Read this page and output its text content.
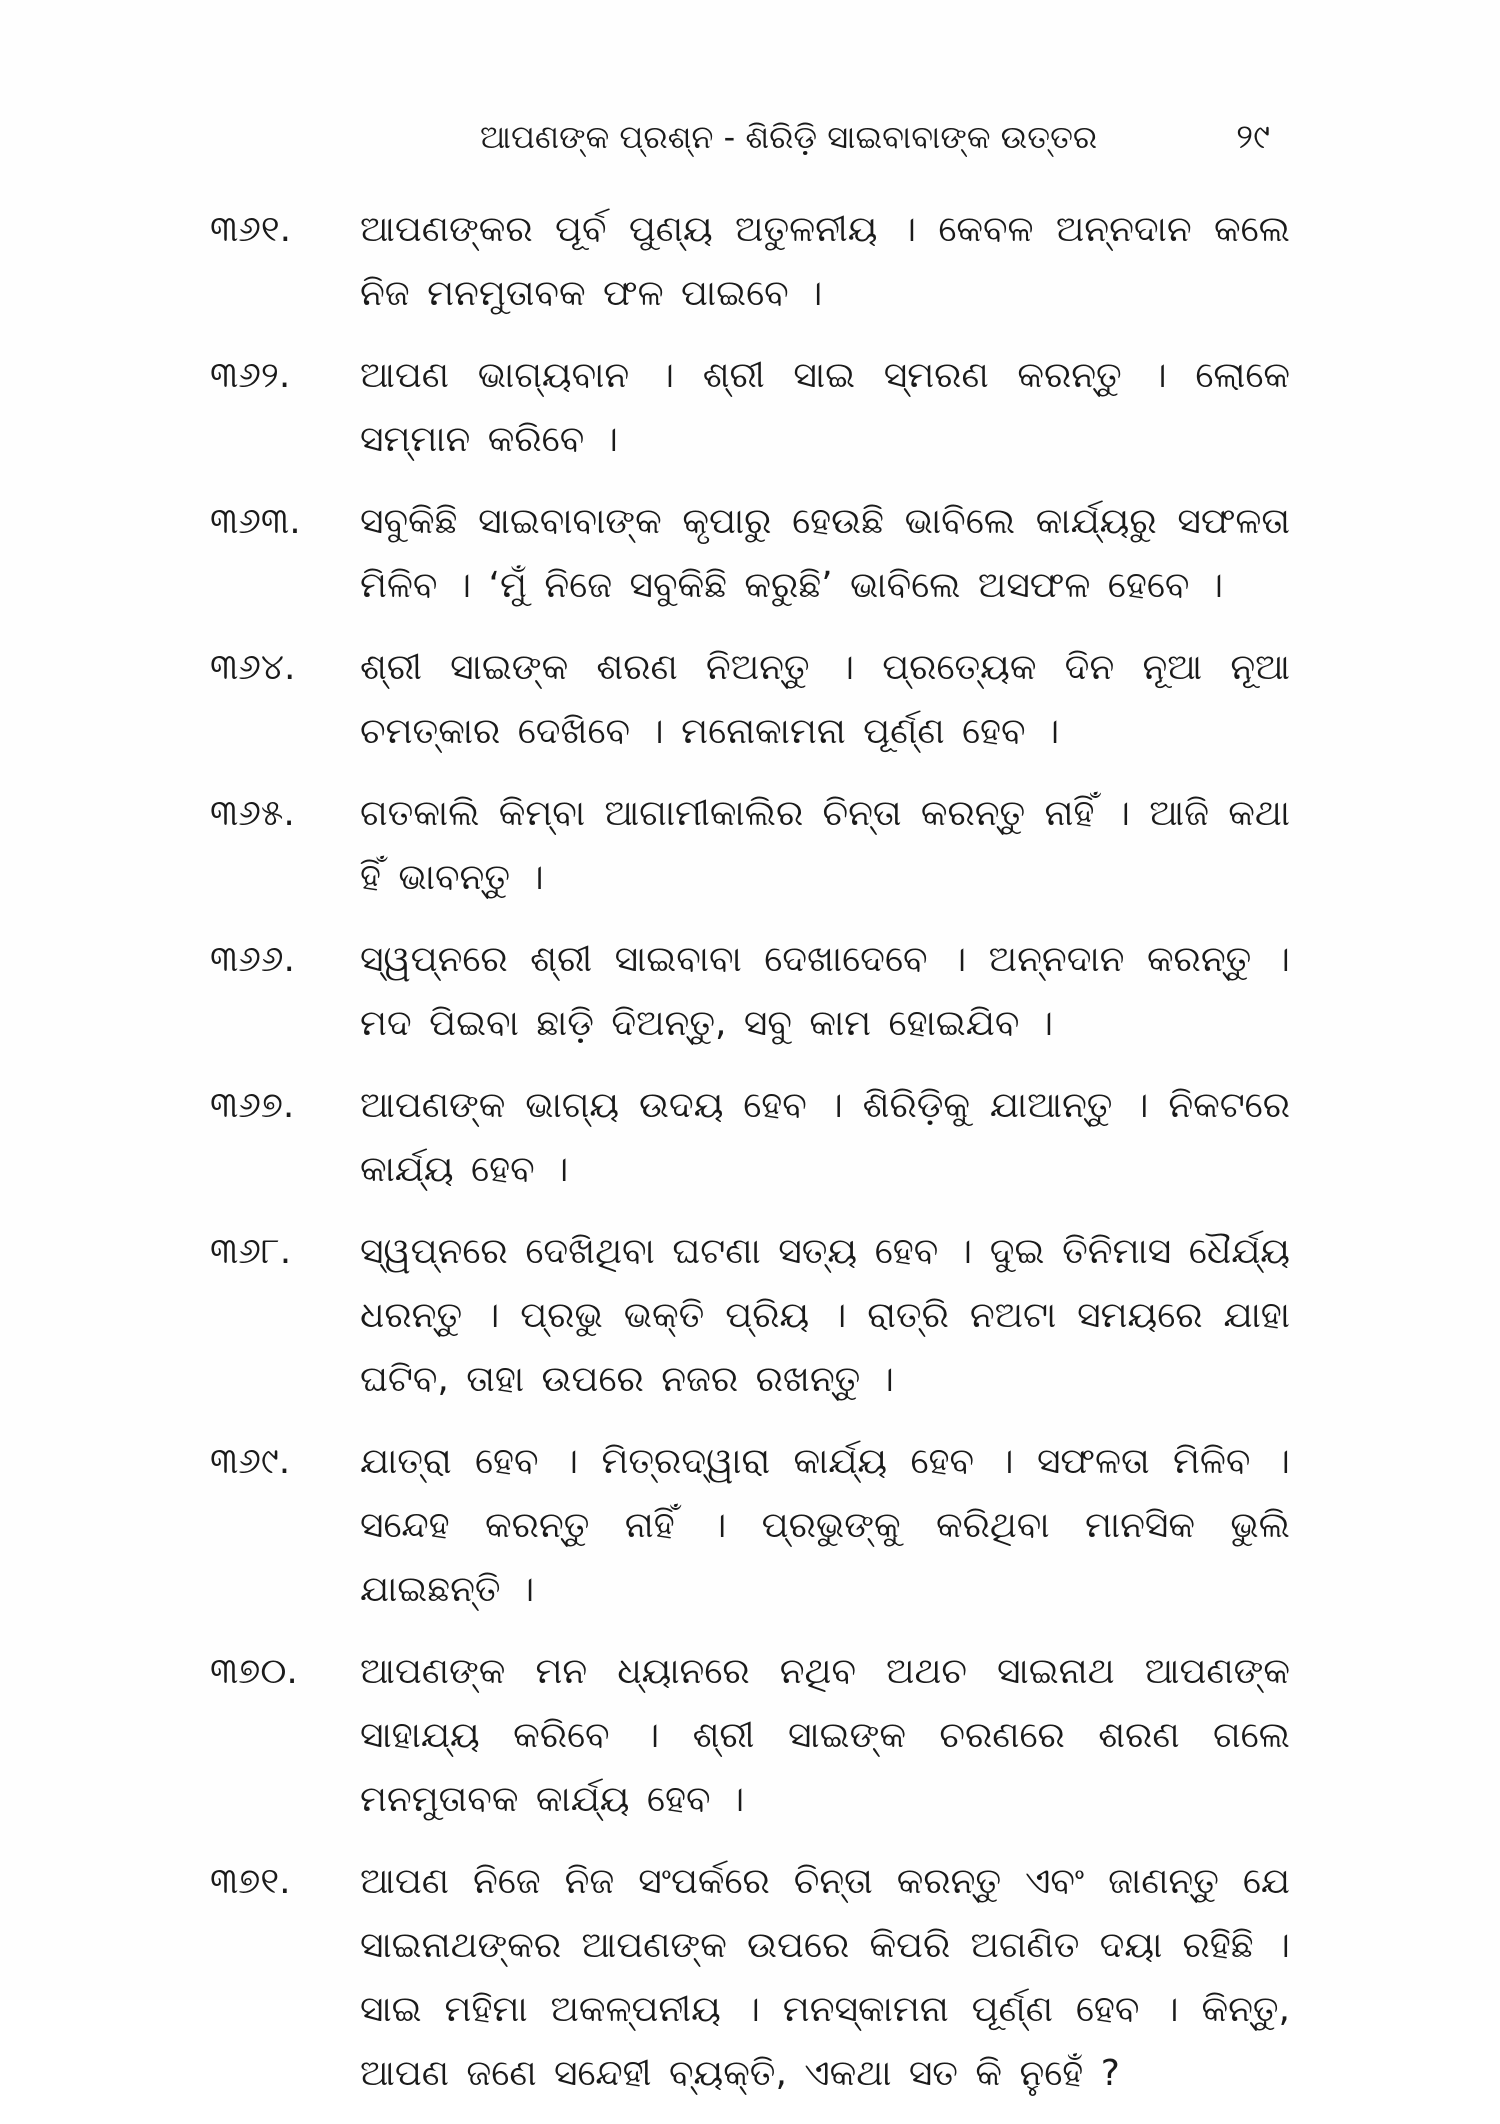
ଆପଣଙ୍କ ପ୍ରଶ୍ନ - ଶିରିଡ଼ି ସାଇବାବାଙ୍କ ଉତ୍ତର	୨୯
୩୬୧. ଆପଣଙ୍କର ପୂର୍ବ ପୁଣ୍ୟ ଅତୁଳନୀୟ । କେବଳ ଅନ୍ନଦାନ କଲେ ନିଜ ମନମୁତାବକ ଫଳ ପାଇବେ ।
୩୬୨. ଆପଣ ଭାଗ୍ୟବାନ । ଶ୍ରୀ ସାଇ ସ୍ମରଣ କରନ୍ତୁ । ଲୋକେ ସମ୍ମାନ କରିବେ ।
୩୬୩. ସବୁକିଛି ସାଇବାବାଙ୍କ କୃପାରୁ ହେଉଛି ଭାବିଲେ କାର୍ଯ୍ୟରୁ ସଫଳତା ମିଳିବ । ‘ମୁଁ ନିଜେ ସବୁକିଛି କରୁଛି’ ଭାବିଲେ ଅସଫଳ ହେବେ ।
୩୬୪. ଶ୍ରୀ ସାଇଙ୍କ ଶରଣ ନିଅନ୍ତୁ । ପ୍ରତ୍ୟେକ ଦିନ ନୂଆ ନୂଆ ଚମତ୍କାର ଦେଖିବେ । ମନୋକାମନା ପୂର୍ଣ୍ଣ ହେବ ।
୩୬୫. ଗତକାଲି କିମ୍ବା ଆଗାମୀକାଲିର ଚିନ୍ତା କରନ୍ତୁ ନାହିଁ । ଆଜି କଥା ହିଁ ଭାବନ୍ତୁ ।
୩୬୬. ସ୍ୱପ୍ନରେ ଶ୍ରୀ ସାଇବାବା ଦେଖାଦେବେ । ଅନ୍ନଦାନ କରନ୍ତୁ । ମଦ ପିଇବା ଛାଡ଼ି ଦିଅନ୍ତୁ, ସବୁ କାମ ହୋଇଯିବ ।
୩୬୭. ଆପଣଙ୍କ ଭାଗ୍ୟ ଉଦୟ ହେବ । ଶିରିଡ଼ିକୁ ଯାଆନ୍ତୁ । ନିକଟରେ କାର୍ଯ୍ୟ ହେବ ।
୩୬୮. ସ୍ୱପ୍ନରେ ଦେଖିଥିବା ଘଟଣା ସତ୍ୟ ହେବ । ଦୁଇ ତିନିମାସ ଧୈର୍ଯ୍ୟ ଧରନ୍ତୁ । ପ୍ରଭୁ ଭକ୍ତି ପ୍ରିୟ । ରାତ୍ରି ନଅଟା ସମୟରେ ଯାହା ଘଟିବ, ତାହା ଉପରେ ନଜର ରଖନ୍ତୁ ।
୩୬୯. ଯାତ୍ରା ହେବ । ମିତ୍ରଦ୍ୱାରା କାର୍ଯ୍ୟ ହେବ । ସଫଳତା ମିଳିବ । ସନ୍ଦେହ କରନ୍ତୁ ନାହିଁ । ପ୍ରଭୁଙ୍କୁ କରିଥିବା ମାନସିକ ଭୁଲି ଯାଇଛନ୍ତି ।
୩୭୦. ଆପଣଙ୍କ ମନ ଧ୍ୟାନରେ ନଥିବ ଅଥଚ ସାଇନାଥ ଆପଣଙ୍କ ସାହାଯ୍ୟ କରିବେ । ଶ୍ରୀ ସାଇଙ୍କ ଚରଣରେ ଶରଣ ଗଲେ ମନମୁତାବକ କାର୍ଯ୍ୟ ହେବ ।
୩୭୧. ଆପଣ ନିଜେ ନିଜ ସଂପର୍କରେ ଚିନ୍ତା କରନ୍ତୁ ଏବଂ ଜାଣନ୍ତୁ ଯେ ସାଇନାଥଙ୍କର ଆପଣଙ୍କ ଉପରେ କିପରି ଅଗଣିତ ଦୟା ରହିଛି । ସାଇ ମହିମା ଅକଳ୍ପନୀୟ । ମନସ୍କାମନା ପୂର୍ଣ୍ଣ ହେବ । କିନ୍ତୁ, ଆପଣ ଜଣେ ସନ୍ଦେହୀ ବ୍ୟକ୍ତି, ଏକଥା ସତ କି ନୁହେଁ ?
